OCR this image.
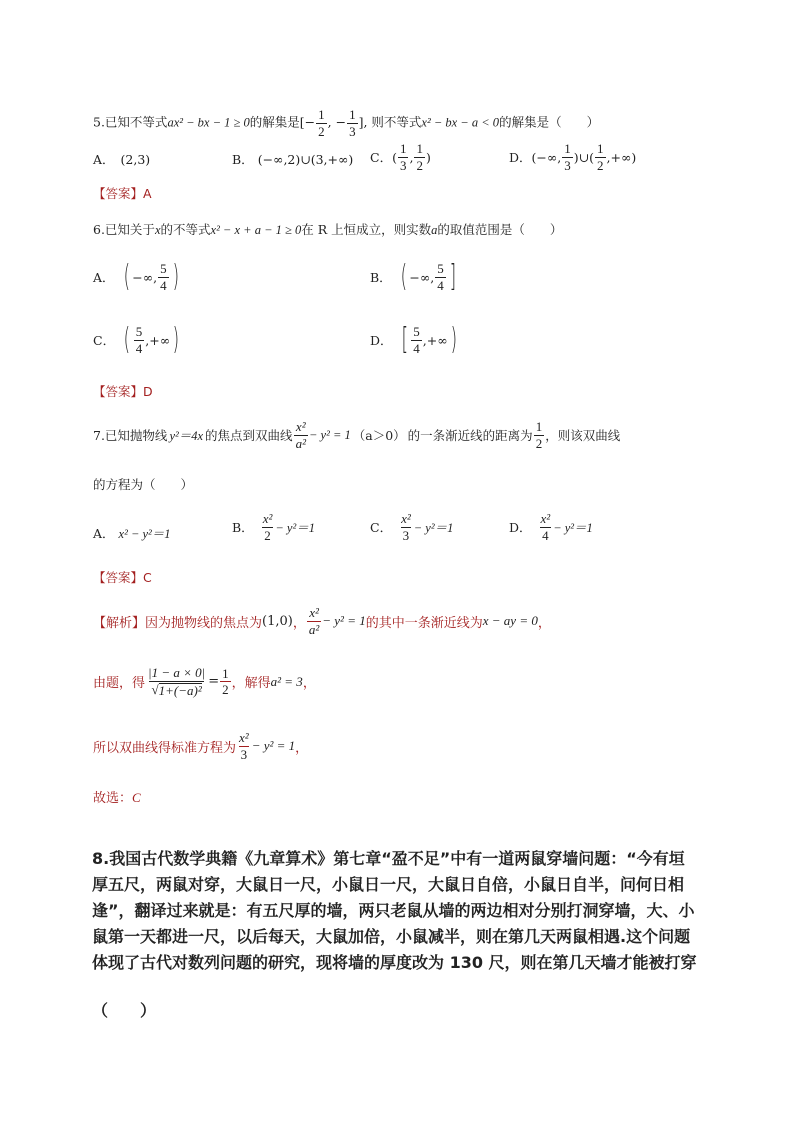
5.已知不等式ax² − bx − 1 ≥ 0的解集是[− $\frac{1}{2}$ , − $\frac{1}{3}$ ], 则不等式x² − bx − a < 0的解集是（　　）
A． (2,3)	B． (−∞,2)∪(3,+∞) C． ( $\frac{1}{3}$ , $\frac{1}{2}$ )	D． (−∞, $\frac{1}{3}$ )∪( $\frac{1}{2}$ ,+∞)
【答案】A
6.已知关于x的不等式x² − x + a − 1 ≥ 0在 R 上恒成立，则实数a的取值范围是（　　）
A． ( −∞, $\frac{5}{4}$ )	B． ( −∞, $\frac{5}{4}$ ]
C． ( $\frac{5}{4}$ ,+∞ )	D． [ $\frac{5}{4}$ ,+∞ )
【答案】D
7.已知抛物线 y²＝4x 的焦点到双曲线 $\frac{\text{x²}}{\text{a²}} - y^2 = 1$ （a＞0） 的一条渐近线的距离为 $\frac{1}{2}$ ，则该双曲线
的方程为（　　）
A． x² − y²＝1	B． $\frac{\text{x²}}{2} - y^2=1$	C． $\frac{\text{x²}}{3} - y^2=1$	D． $\frac{\text{x²}}{4} - y^2=1$
【答案】C
【解析】因为抛物线的焦点为 (1,0) ， $\frac{\text{x²}}{\text{a²}} - y^2 = 1$ 的其中一条渐近线为 x − ay = 0 ，
由题，得 $\frac{|1 - a \times 0|}{\text{√ 1+(−a)²}} = \frac{1}{2}$ ，解得 a² = 3 ，
所以双曲线得标准方程为 $\frac{\text{x²}}{3} - y^2 = 1$ ，
故选：C
8.我国古代数学典籍《九章算术》第七章“盈不足”中有一道两鼠穿墙问题：“今有垣
厚五尺，两鼠对穿，大鼠日一尺，小鼠日一尺，大鼠日自倍，小鼠日自半，问何日相
逢”，翻译过来就是：有五尺厚的墙，两只老鼠从墙的两边相对分别打洞穿墙，大、小
鼠第一天都进一尺，以后每天，大鼠加倍，小鼠减半，则在第几天两鼠相遇.这个问题
体现了古代对数列问题的研究，现将墙的厚度改为 130 尺，则在第几天墙才能被打穿
（　　）
